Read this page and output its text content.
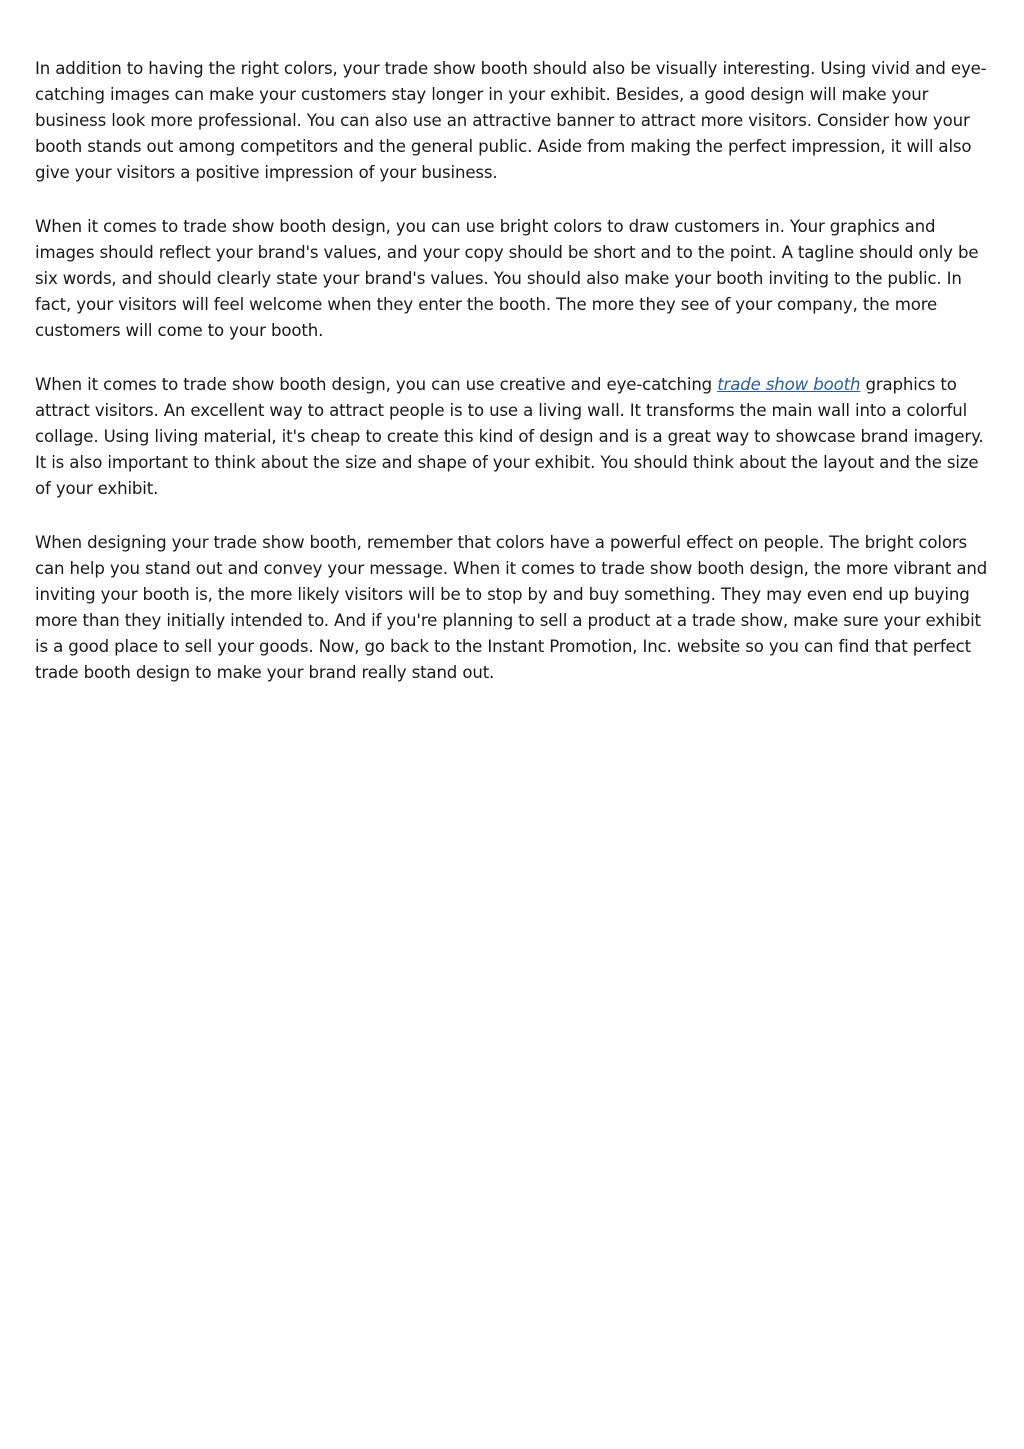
In addition to having the right colors, your trade show booth should also be visually interesting. Using vivid and eye-catching images can make your customers stay longer in your exhibit. Besides, a good design will make your business look more professional. You can also use an attractive banner to attract more visitors. Consider how your booth stands out among competitors and the general public. Aside from making the perfect impression, it will also give your visitors a positive impression of your business.

When it comes to trade show booth design, you can use bright colors to draw customers in. Your graphics and images should reflect your brand's values, and your copy should be short and to the point. A tagline should only be six words, and should clearly state your brand's values. You should also make your booth inviting to the public. In fact, your visitors will feel welcome when they enter the booth. The more they see of your company, the more customers will come to your booth.

When it comes to trade show booth design, you can use creative and eye-catching trade show booth graphics to attract visitors. An excellent way to attract people is to use a living wall. It transforms the main wall into a colorful collage. Using living material, it's cheap to create this kind of design and is a great way to showcase brand imagery. It is also important to think about the size and shape of your exhibit. You should think about the layout and the size of your exhibit.

When designing your trade show booth, remember that colors have a powerful effect on people. The bright colors can help you stand out and convey your message. When it comes to trade show booth design, the more vibrant and inviting your booth is, the more likely visitors will be to stop by and buy something. They may even end up buying more than they initially intended to. And if you're planning to sell a product at a trade show, make sure your exhibit is a good place to sell your goods. Now, go back to the Instant Promotion, Inc. website so you can find that perfect trade booth design to make your brand really stand out.
